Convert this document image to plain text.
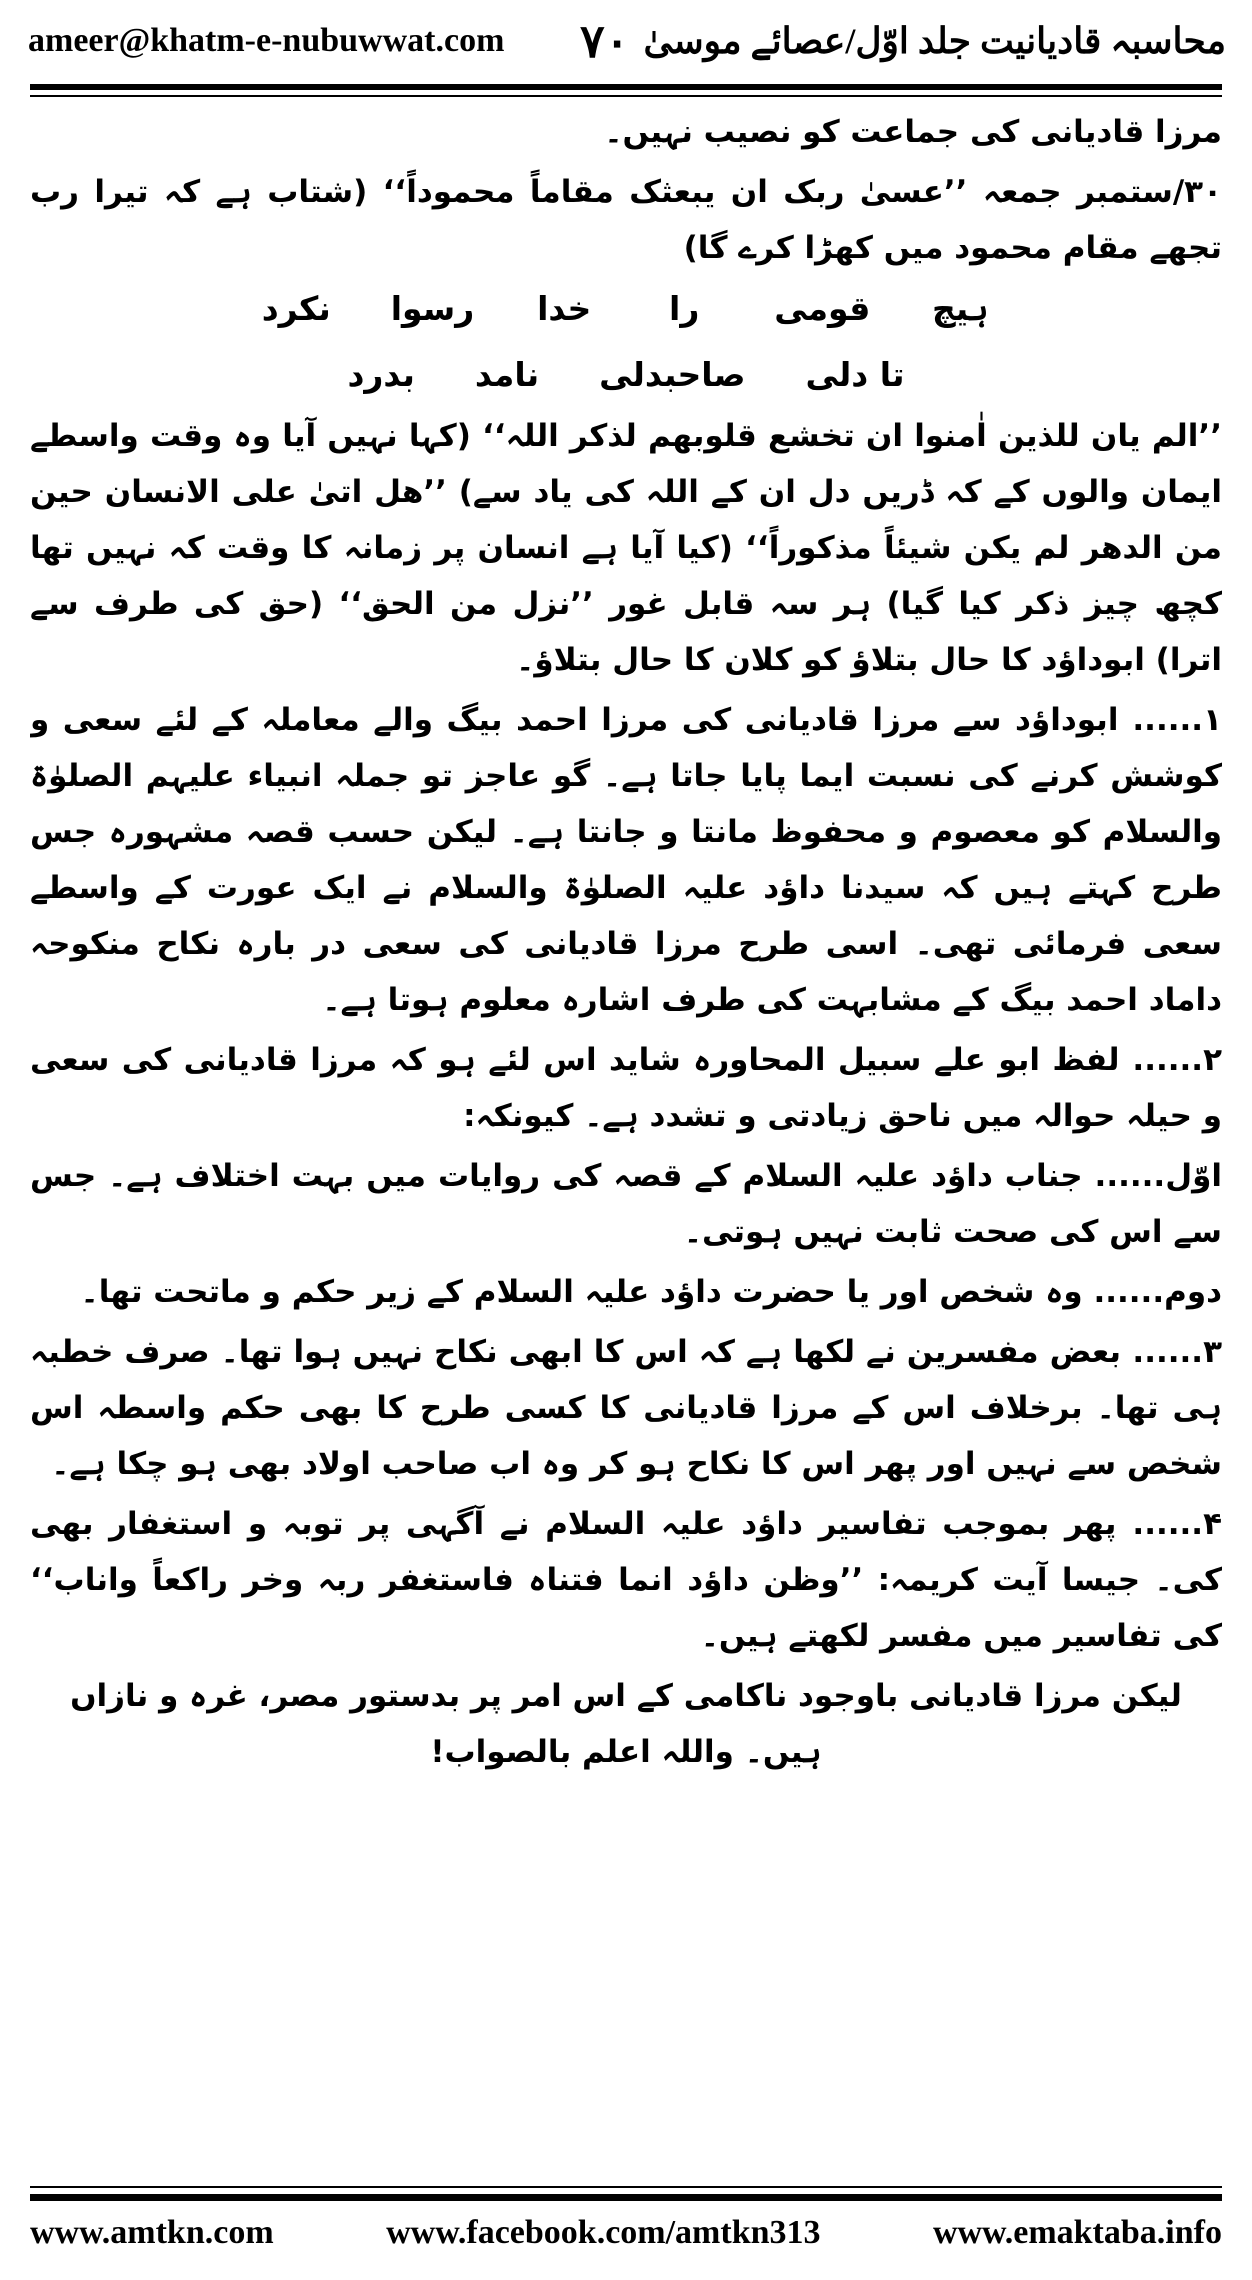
ameer@khatm-e-nubuwwat.com ۷۰ محاسبہ قادیانیت جلد اوّل/عصائے موسیٰ

مرزا قادیانی کی جماعت کو نصیب نہیں۔

۳۰/ستمبر جمعہ ’’عسیٰ ربک ان یبعثک مقاماً محموداً‘‘ (شتاب ہے کہ تیرا رب تجھے مقام محمود میں کھڑا کرے گا)

ہیچ
قومی
را
خدا
رسوا
نکرد
تا دلی
صاحبدلی
نامد
بدرد

’’الم یان للذین اٰمنوا ان تخشع قلوبھم لذکر اللہ‘‘ (کہا نہیں آیا وہ وقت واسطے ایمان والوں کے کہ ڈریں دل ان کے اللہ کی یاد سے) ’’ھل اتیٰ علی الانسان حین من الدھر لم یکن شیئاً مذکوراً‘‘ (کیا آیا ہے انسان پر زمانہ کا وقت کہ نہیں تھا کچھ چیز ذکر کیا گیا) ہر سہ قابل غور ’’نزل من الحق‘‘ (حق کی طرف سے اترا) ابوداؤد کا حال بتلاؤ کو کلان کا حال بتلاؤ۔

۱...... ابوداؤد سے مرزا قادیانی کی مرزا احمد بیگ والے معاملہ کے لئے سعی و کوشش کرنے کی نسبت ایما پایا جاتا ہے۔ گو عاجز تو جملہ انبیاء علیہم الصلوٰۃ والسلام کو معصوم و محفوظ مانتا و جانتا ہے۔ لیکن حسب قصہ مشہورہ جس طرح کہتے ہیں کہ سیدنا داؤد علیہ الصلوٰۃ والسلام نے ایک عورت کے واسطے سعی فرمائی تھی۔ اسی طرح مرزا قادیانی کی سعی در بارہ نکاح منکوحہ داماد احمد بیگ کے مشابہت کی طرف اشارہ معلوم ہوتا ہے۔

۲...... لفظ ابو علے سبیل المحاورہ شاید اس لئے ہو کہ مرزا قادیانی کی سعی و حیلہ حوالہ میں ناحق زیادتی و تشدد ہے۔ کیونکہ:

اوّل...... جناب داؤد علیہ السلام کے قصہ کی روایات میں بہت اختلاف ہے۔ جس سے اس کی صحت ثابت نہیں ہوتی۔

دوم...... وہ شخص اور یا حضرت داؤد علیہ السلام کے زیر حکم و ماتحت تھا۔

۳...... بعض مفسرین نے لکھا ہے کہ اس کا ابھی نکاح نہیں ہوا تھا۔ صرف خطبہ ہی تھا۔ برخلاف اس کے مرزا قادیانی کا کسی طرح کا بھی حکم واسطہ اس شخص سے نہیں اور پھر اس کا نکاح ہو کر وہ اب صاحب اولاد بھی ہو چکا ہے۔

۴...... پھر بموجب تفاسیر داؤد علیہ السلام نے آگہی پر توبہ و استغفار بھی کی۔ جیسا آیت کریمہ: ’’وظن داؤد انما فتناہ فاستغفر ربہ وخر راکعاً واناب‘‘ کی تفاسیر میں مفسر لکھتے ہیں۔

لیکن مرزا قادیانی باوجود ناکامی کے اس امر پر بدستور مصر، غرہ و نازاں ہیں۔ واللہ اعلم بالصواب!

www.amtkn.com	www.facebook.com/amtkn313	www.emaktaba.info
